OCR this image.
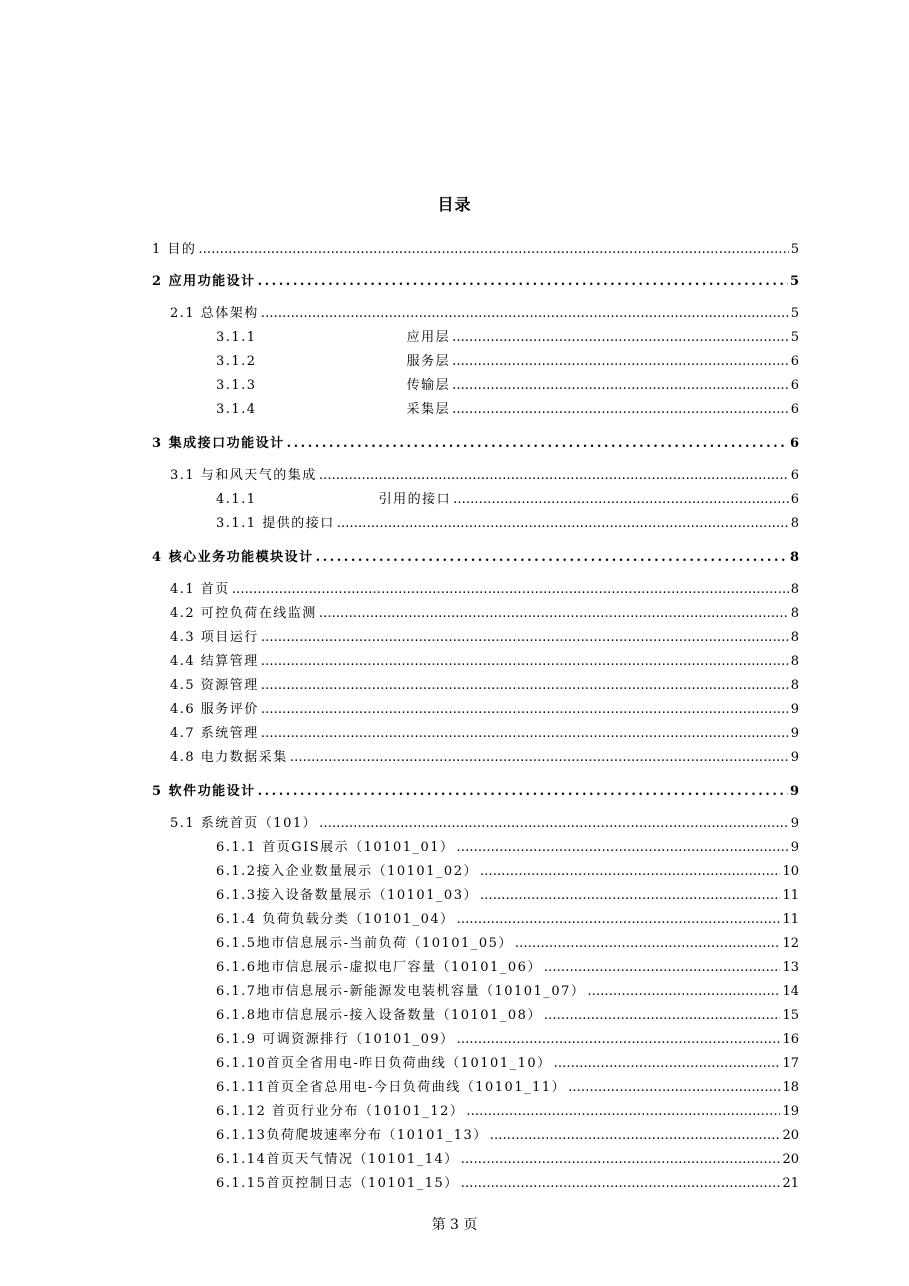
目录
1 目的 . . .	5
2 应用功能设计 . . .	5
2.1 总体架构 . . .	5
3.1.1	应用层 . . .	5
3.1.2	服务层 . . .	6
3.1.3	传输层 . . .	6
3.1.4	采集层 . . .	6
3 集成接口功能设计 . . .	6
3.1 与和风天气的集成 . . .	6
4.1.1	引用的接口 . . .	6
3.1.1 提供的接口 . . .	8
4 核心业务功能模块设计 . . .	8
4.1 首页 . . .	8
4.2 可控负荷在线监测 . . .	8
4.3 项目运行 . . .	8
4.4 结算管理 . . .	8
4.5 资源管理 . . .	8
4.6 服务评价 . . .	9
4.7 系统管理 . . .	9
4.8 电力数据采集 . . .	9
5 软件功能设计 . . .	9
5.1 系统首页（101） . . .	9
6.1.1 首页GIS展示（10101_01） . . .	9
6.1.2接入企业数量展示（10101_02） . . .	10
6.1.3接入设备数量展示（10101_03） . . .	11
6.1.4 负荷负载分类（10101_04） . . .	11
6.1.5地市信息展示-当前负荷（10101_05） . . .	12
6.1.6地市信息展示-虚拟电厂容量（10101_06） . . .	13
6.1.7地市信息展示-新能源发电装机容量（10101_07） . . .	14
6.1.8地市信息展示-接入设备数量（10101_08） . . .	15
6.1.9 可调资源排行（10101_09） . . .	16
6.1.10首页全省用电-昨日负荷曲线（10101_10） . . .	17
6.1.11首页全省总用电-今日负荷曲线（10101_11） . . .	18
6.1.12 首页行业分布（10101_12） . . .	19
6.1.13负荷爬坡速率分布（10101_13） . . .	20
6.1.14首页天气情况（10101_14） . . .	20
6.1.15首页控制日志（10101_15） . . .	21
第 3 页
